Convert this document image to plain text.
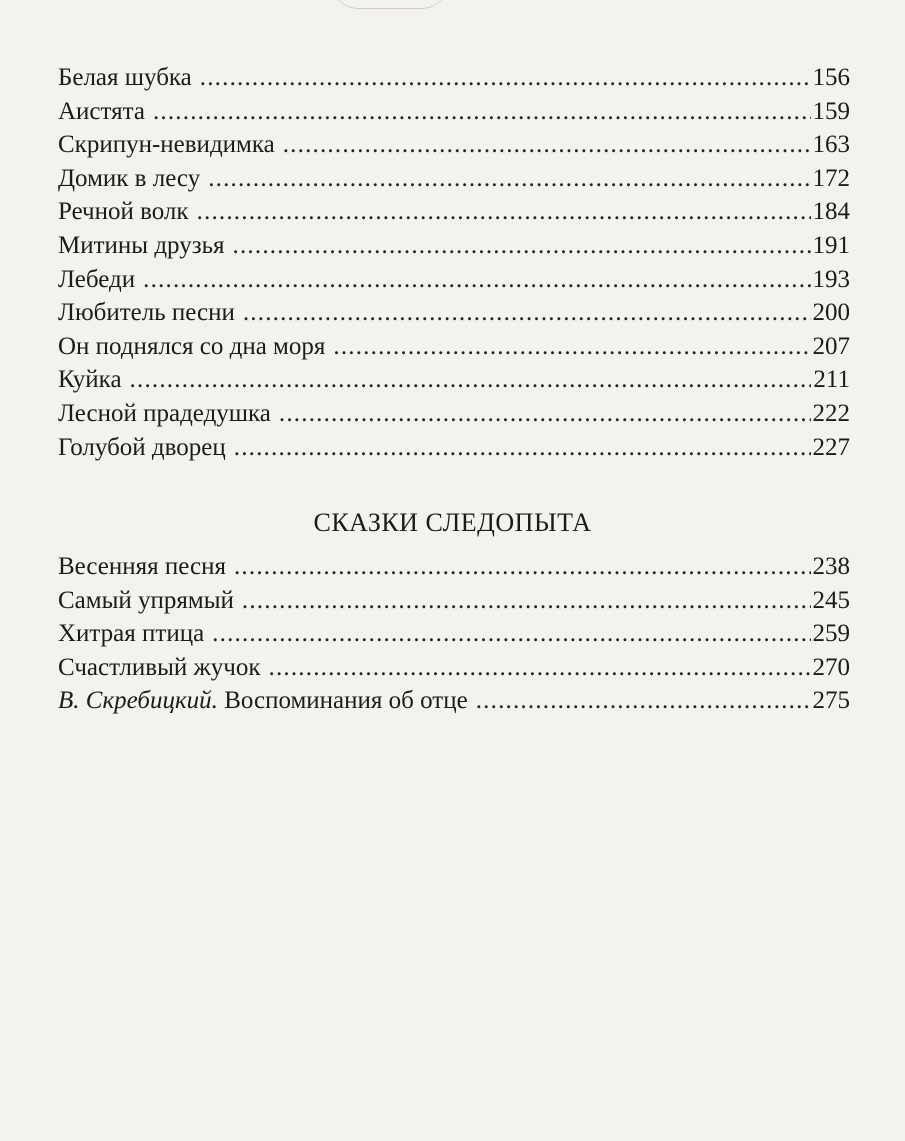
Белая шубка .....	156
Аистята .....	159
Скрипун-невидимка .....	163
Домик в лесу .....	172
Речной волк .....	184
Митины друзья .....	191
Лебеди .....	193
Любитель песни .....	200
Он поднялся со дна моря .....	207
Куйка .....	211
Лесной прадедушка .....	222
Голубой дворец .....	227
СКАЗКИ СЛЕДОПЫТА
Весенняя песня .....	238
Самый упрямый .....	245
Хитрая птица .....	259
Счастливый жучок .....	270
В. Скребицкий. Воспоминания об отце .....	275
